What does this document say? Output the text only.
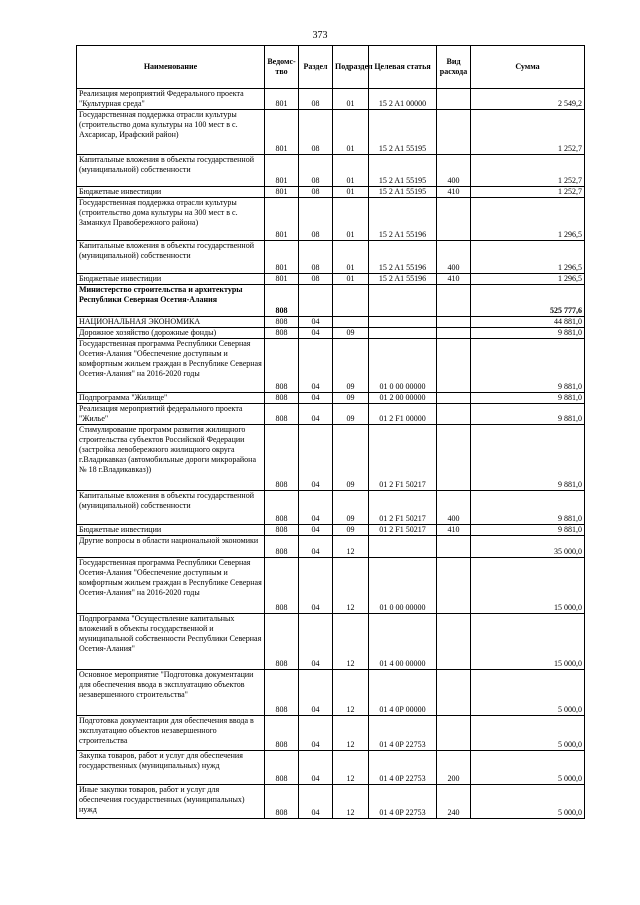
373
Наименование	Ведомс-тво	Раздел	Подраздел	Целевая статья	Вид расхода	Сумма
Реализация мероприятий Федерального проекта "Культурная среда"	801	08	01	15 2 A1 00000		2 549,2
Государственная поддержка отрасли культуры (строительство дома культуры на 100 мест в с. Ахсарисар, Ирафский район)	801	08	01	15 2 A1 55195		1 252,7
Капитальные вложения в объекты государственной (муниципальной) собственности	801	08	01	15 2 A1 55195	400	1 252,7
Бюджетные инвестиции	801	08	01	15 2 A1 55195	410	1 252,7
Государственная поддержка отрасли культуры (строительство дома культуры на 300 мест в с. Заманкул Правобережного района)	801	08	01	15 2 A1 55196		1 296,5
Капитальные вложения в объекты государственной (муниципальной) собственности	801	08	01	15 2 A1 55196	400	1 296,5
Бюджетные инвестиции	801	08	01	15 2 A1 55196	410	1 296,5
Министерство строительства и архитектуры Республики Северная Осетия-Алания	808					525 777,6
НАЦИОНАЛЬНАЯ ЭКОНОМИКА	808	04				44 881,0
Дорожное хозяйство (дорожные фонды)	808	04	09			9 881,0
Государственная программа Республики Северная Осетия-Алания "Обеспечение доступным и комфортным жильем граждан в Республике Северная Осетия-Алания" на 2016-2020 годы	808	04	09	01 0 00 00000		9 881,0
Подпрограмма "Жилище"	808	04	09	01 2 00 00000		9 881,0
Реализация мероприятий федерального проекта "Жилье"	808	04	09	01 2 F1 00000		9 881,0
Стимулирование программ развития жилищного строительства субъектов Российской Федерации (застройка левобережного жилищного округа г.Владикавказ (автомобильные дороги микрорайона № 18 г.Владикавказ))	808	04	09	01 2 F1 50217		9 881,0
Капитальные вложения в объекты государственной (муниципальной) собственности	808	04	09	01 2 F1 50217	400	9 881,0
Бюджетные инвестиции	808	04	09	01 2 F1 50217	410	9 881,0
Другие вопросы в области национальной экономики	808	04	12			35 000,0
Государственная программа Республики Северная Осетия-Алания "Обеспечение доступным и комфортным жильем граждан в Республике Северная Осетия-Алания" на 2016-2020 годы	808	04	12	01 0 00 00000		15 000,0
Подпрограмма "Осуществление капитальных вложений в объекты государственной и муниципальной собственности Республики Северная Осетия-Алания"	808	04	12	01 4 00 00000		15 000,0
Основное мероприятие "Подготовка документации для обеспечения ввода в эксплуатацию объектов незавершенного строительства"	808	04	12	01 4 0P 00000		5 000,0
Подготовка документации для обеспечения ввода в эксплуатацию объектов незавершенного строительства	808	04	12	01 4 0P 22753		5 000,0
Закупка товаров, работ и услуг для обеспечения государственных (муниципальных) нужд	808	04	12	01 4 0P 22753	200	5 000,0
Иные закупки товаров, работ и услуг для обеспечения государственных (муниципальных) нужд	808	04	12	01 4 0P 22753	240	5 000,0
